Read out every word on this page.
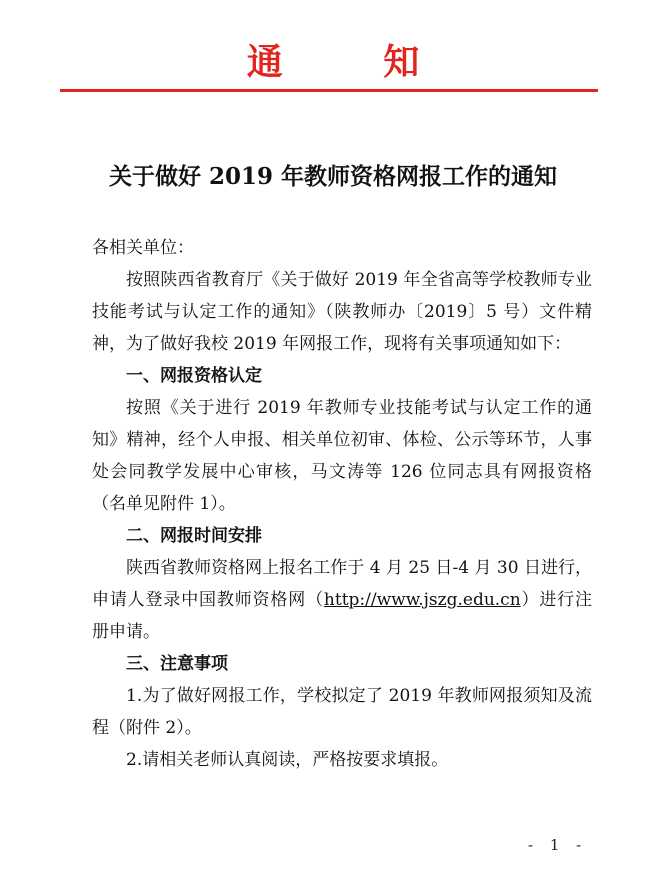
通 知
关于做好 2019 年教师资格网报工作的通知

各相关单位：

按照陕西省教育厅《关于做好 2019 年全省高等学校教师专业技能考试与认定工作的通知》（陕教师办〔2019〕5 号）文件精神，为了做好我校 2019 年网报工作，现将有关事项通知如下：

一、网报资格认定

按照《关于进行 2019 年教师专业技能考试与认定工作的通知》精神，经个人申报、相关单位初审、体检、公示等环节，人事处会同教学发展中心审核，马文涛等 126 位同志具有网报资格（名单见附件 1）。

二、网报时间安排

陕西省教师资格网上报名工作于 4 月 25 日-4 月 30 日进行，申请人登录中国教师资格网（http://www.jszg.edu.cn）进行注册申请。

三、注意事项

1.为了做好网报工作，学校拟定了 2019 年教师网报须知及流程（附件 2）。

2.请相关老师认真阅读，严格按要求填报。

- 1 -
